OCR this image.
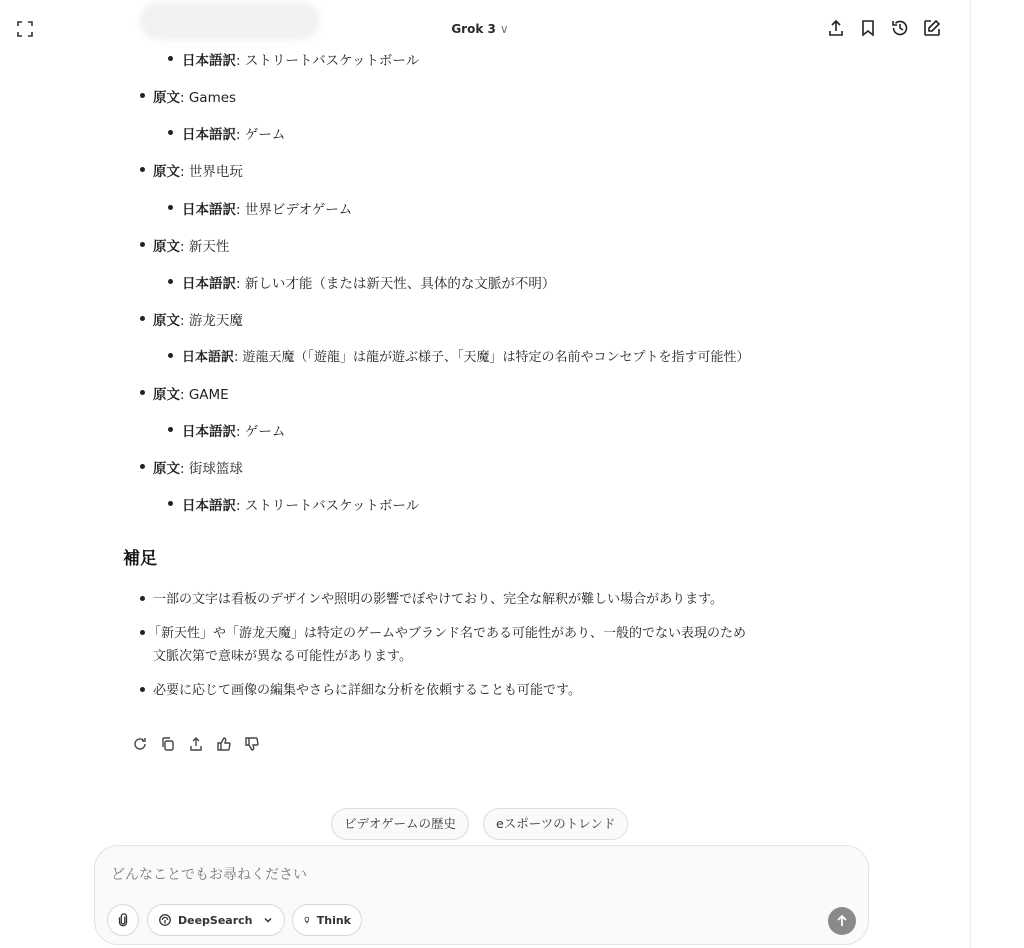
Grok 3 ∨
日本語訳: ストリートバスケットボール
原文: Games
日本語訳: ゲーム
原文: 世界电玩
日本語訳: 世界ビデオゲーム
原文: 新天性
日本語訳: 新しい才能（または新天性、具体的な文脈が不明）
原文: 游龙天魔
日本語訳: 遊龍天魔（「遊龍」は龍が遊ぶ様子、「天魔」は特定の名前やコンセプトを指す可能性）
原文: GAME
日本語訳: ゲーム
原文: 街球篮球
日本語訳: ストリートバスケットボール
補足
一部の文字は看板のデザインや照明の影響でぼやけており、完全な解釈が難しい場合があります。
「新天性」や「游龙天魔」は特定のゲームやブランド名である可能性があり、一般的でない表現のため
文脈次第で意味が異なる可能性があります。
必要に応じて画像の編集やさらに詳細な分析を依頼することも可能です。
ビデオゲームの歴史	eスポーツのトレンド
どんなことでもお尋ねください
DeepSearch	Think
